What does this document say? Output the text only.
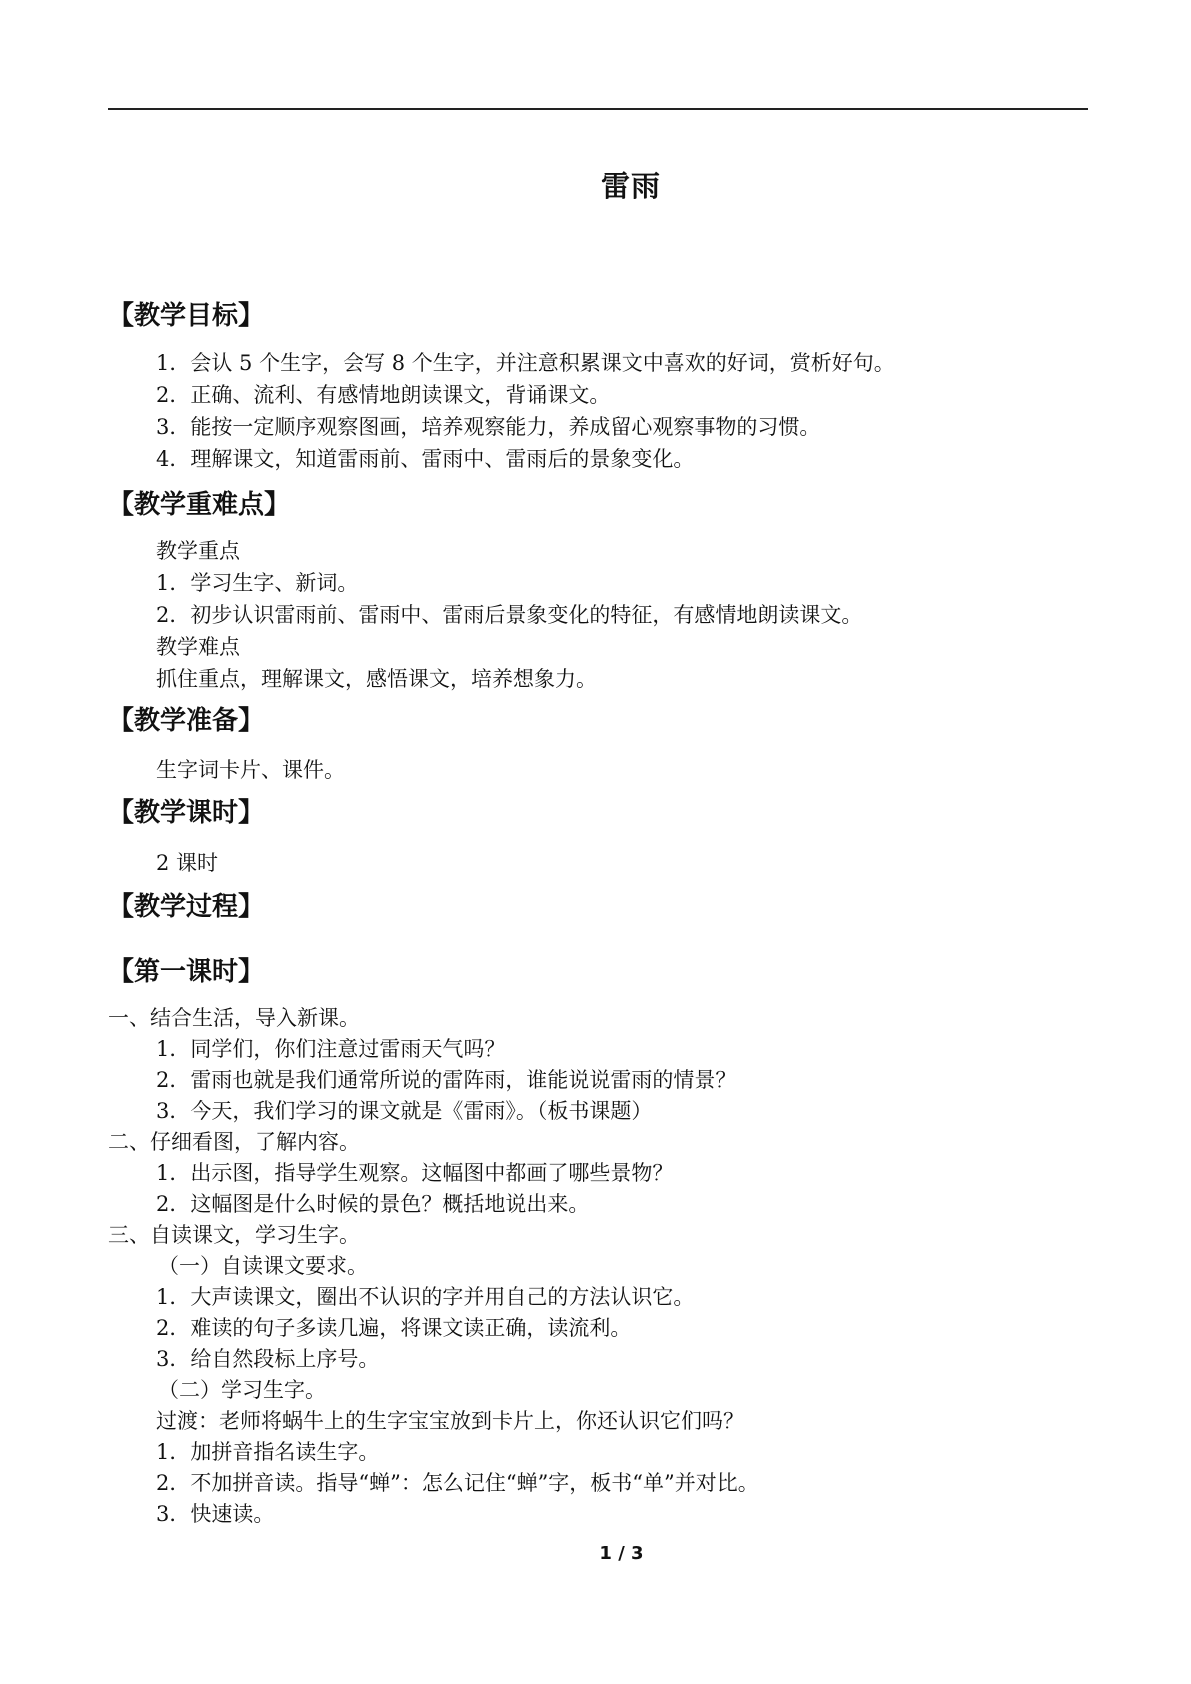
雷雨
【教学目标】
1．会认 5 个生字，会写 8 个生字，并注意积累课文中喜欢的好词，赏析好句。
2．正确、流利、有感情地朗读课文，背诵课文。
3．能按一定顺序观察图画，培养观察能力，养成留心观察事物的习惯。
4．理解课文，知道雷雨前、雷雨中、雷雨后的景象变化。
【教学重难点】
教学重点
1．学习生字、新词。
2．初步认识雷雨前、雷雨中、雷雨后景象变化的特征，有感情地朗读课文。
教学难点
抓住重点，理解课文，感悟课文，培养想象力。
【教学准备】
生字词卡片、课件。
【教学课时】
2 课时
【教学过程】
【第一课时】
一、结合生活，导入新课。
1．同学们，你们注意过雷雨天气吗？
2．雷雨也就是我们通常所说的雷阵雨，谁能说说雷雨的情景？
3．今天，我们学习的课文就是《雷雨》。（板书课题）
二、仔细看图，了解内容。
1．出示图，指导学生观察。这幅图中都画了哪些景物？
2．这幅图是什么时候的景色？概括地说出来。
三、自读课文，学习生字。
（一）自读课文要求。
1．大声读课文，圈出不认识的字并用自己的方法认识它。
2．难读的句子多读几遍，将课文读正确，读流利。
3．给自然段标上序号。
（二）学习生字。
过渡：老师将蜗牛上的生字宝宝放到卡片上，你还认识它们吗？
1．加拼音指名读生字。
2．不加拼音读。指导“蝉”：怎么记住“蝉”字，板书“单”并对比。
3．快速读。
1 / 3
